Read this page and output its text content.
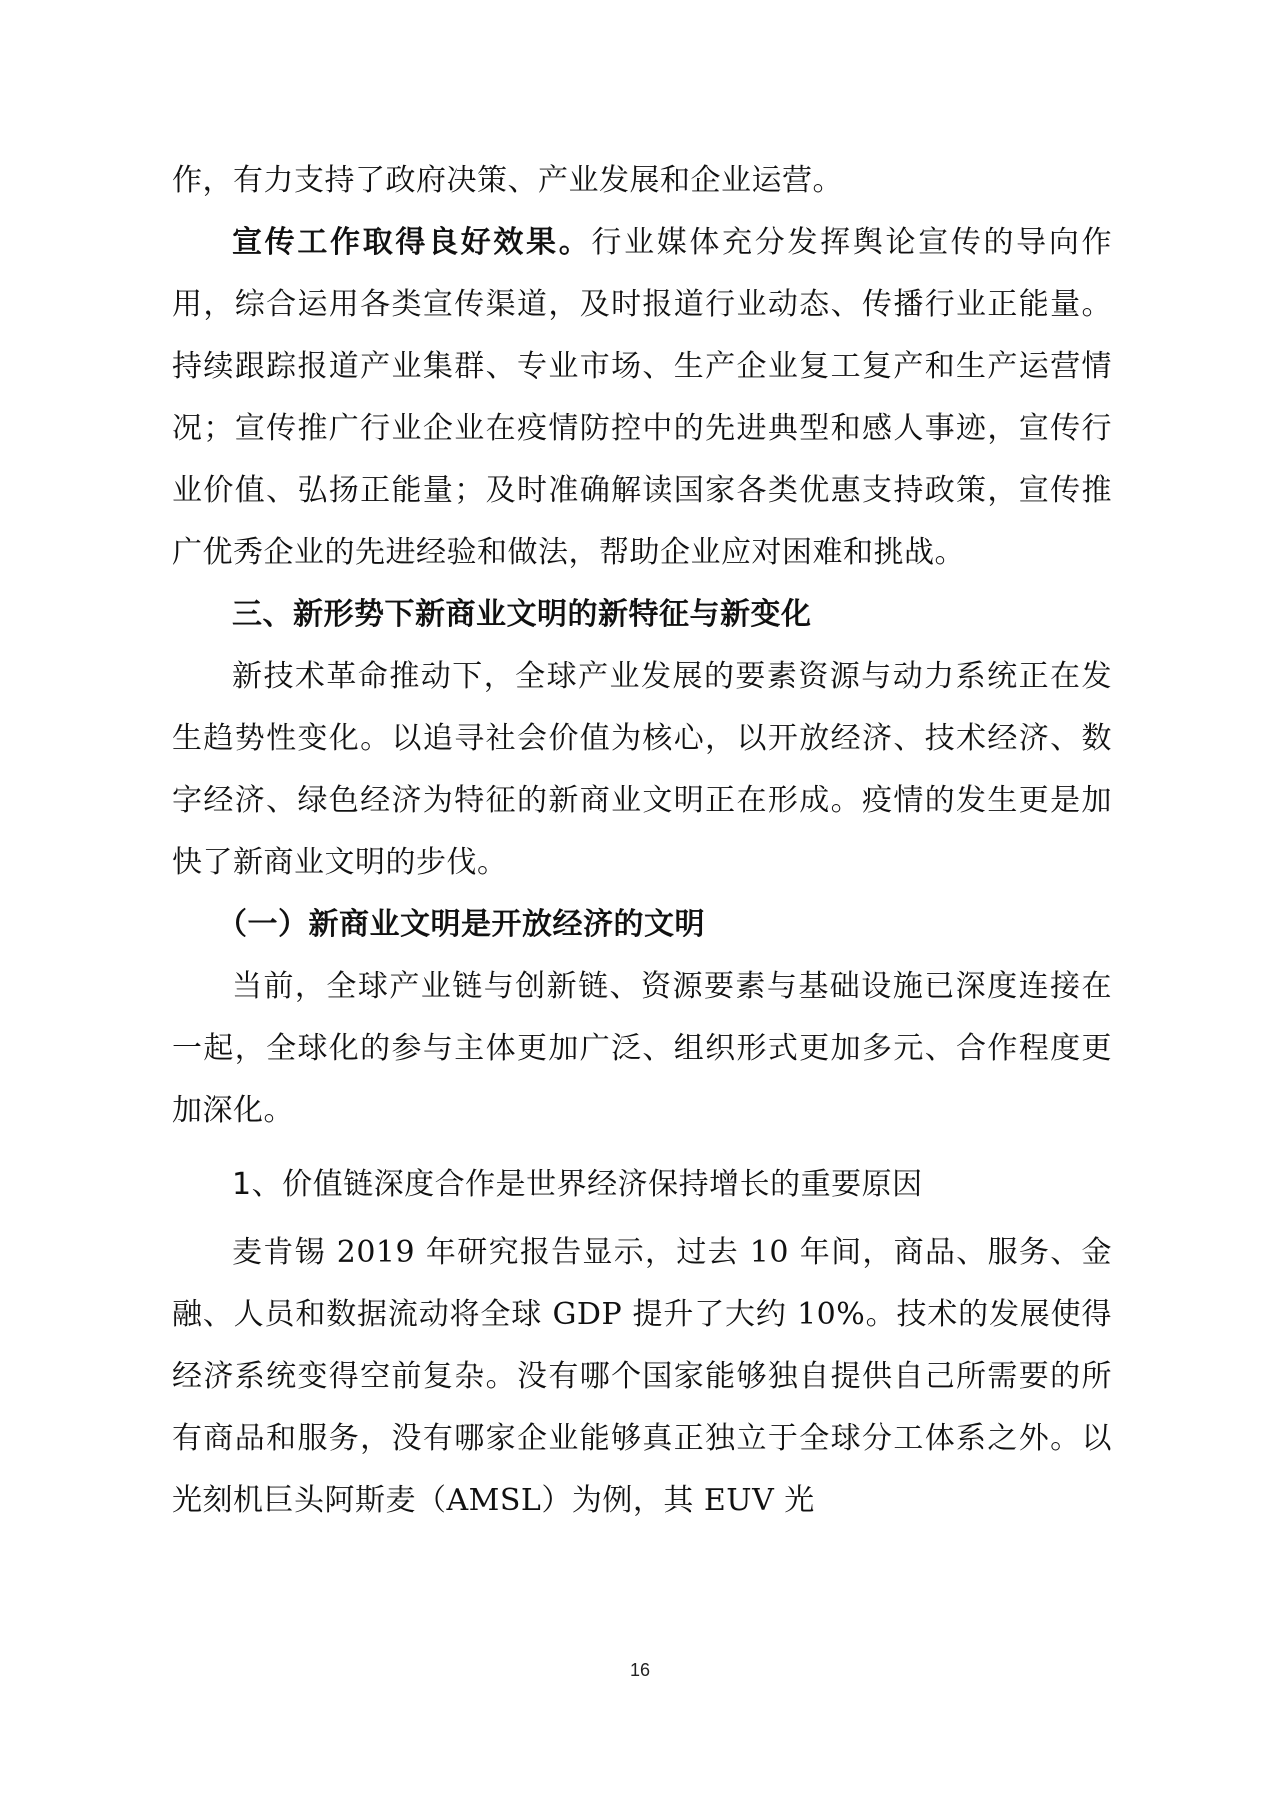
作，有力支持了政府决策、产业发展和企业运营。

宣传工作取得良好效果。行业媒体充分发挥舆论宣传的导向作用，综合运用各类宣传渠道，及时报道行业动态、传播行业正能量。持续跟踪报道产业集群、专业市场、生产企业复工复产和生产运营情况；宣传推广行业企业在疫情防控中的先进典型和感人事迹，宣传行业价值、弘扬正能量；及时准确解读国家各类优惠支持政策，宣传推广优秀企业的先进经验和做法，帮助企业应对困难和挑战。

三、新形势下新商业文明的新特征与新变化

新技术革命推动下，全球产业发展的要素资源与动力系统正在发生趋势性变化。以追寻社会价值为核心，以开放经济、技术经济、数字经济、绿色经济为特征的新商业文明正在形成。疫情的发生更是加快了新商业文明的步伐。

（一）新商业文明是开放经济的文明

当前，全球产业链与创新链、资源要素与基础设施已深度连接在一起，全球化的参与主体更加广泛、组织形式更加多元、合作程度更加深化。

1、价值链深度合作是世界经济保持增长的重要原因

麦肯锡 2019 年研究报告显示，过去 10 年间，商品、服务、金融、人员和数据流动将全球 GDP 提升了大约 10%。技术的发展使得经济系统变得空前复杂。没有哪个国家能够独自提供自己所需要的所有商品和服务，没有哪家企业能够真正独立于全球分工体系之外。以光刻机巨头阿斯麦（AMSL）为例，其 EUV 光

16
